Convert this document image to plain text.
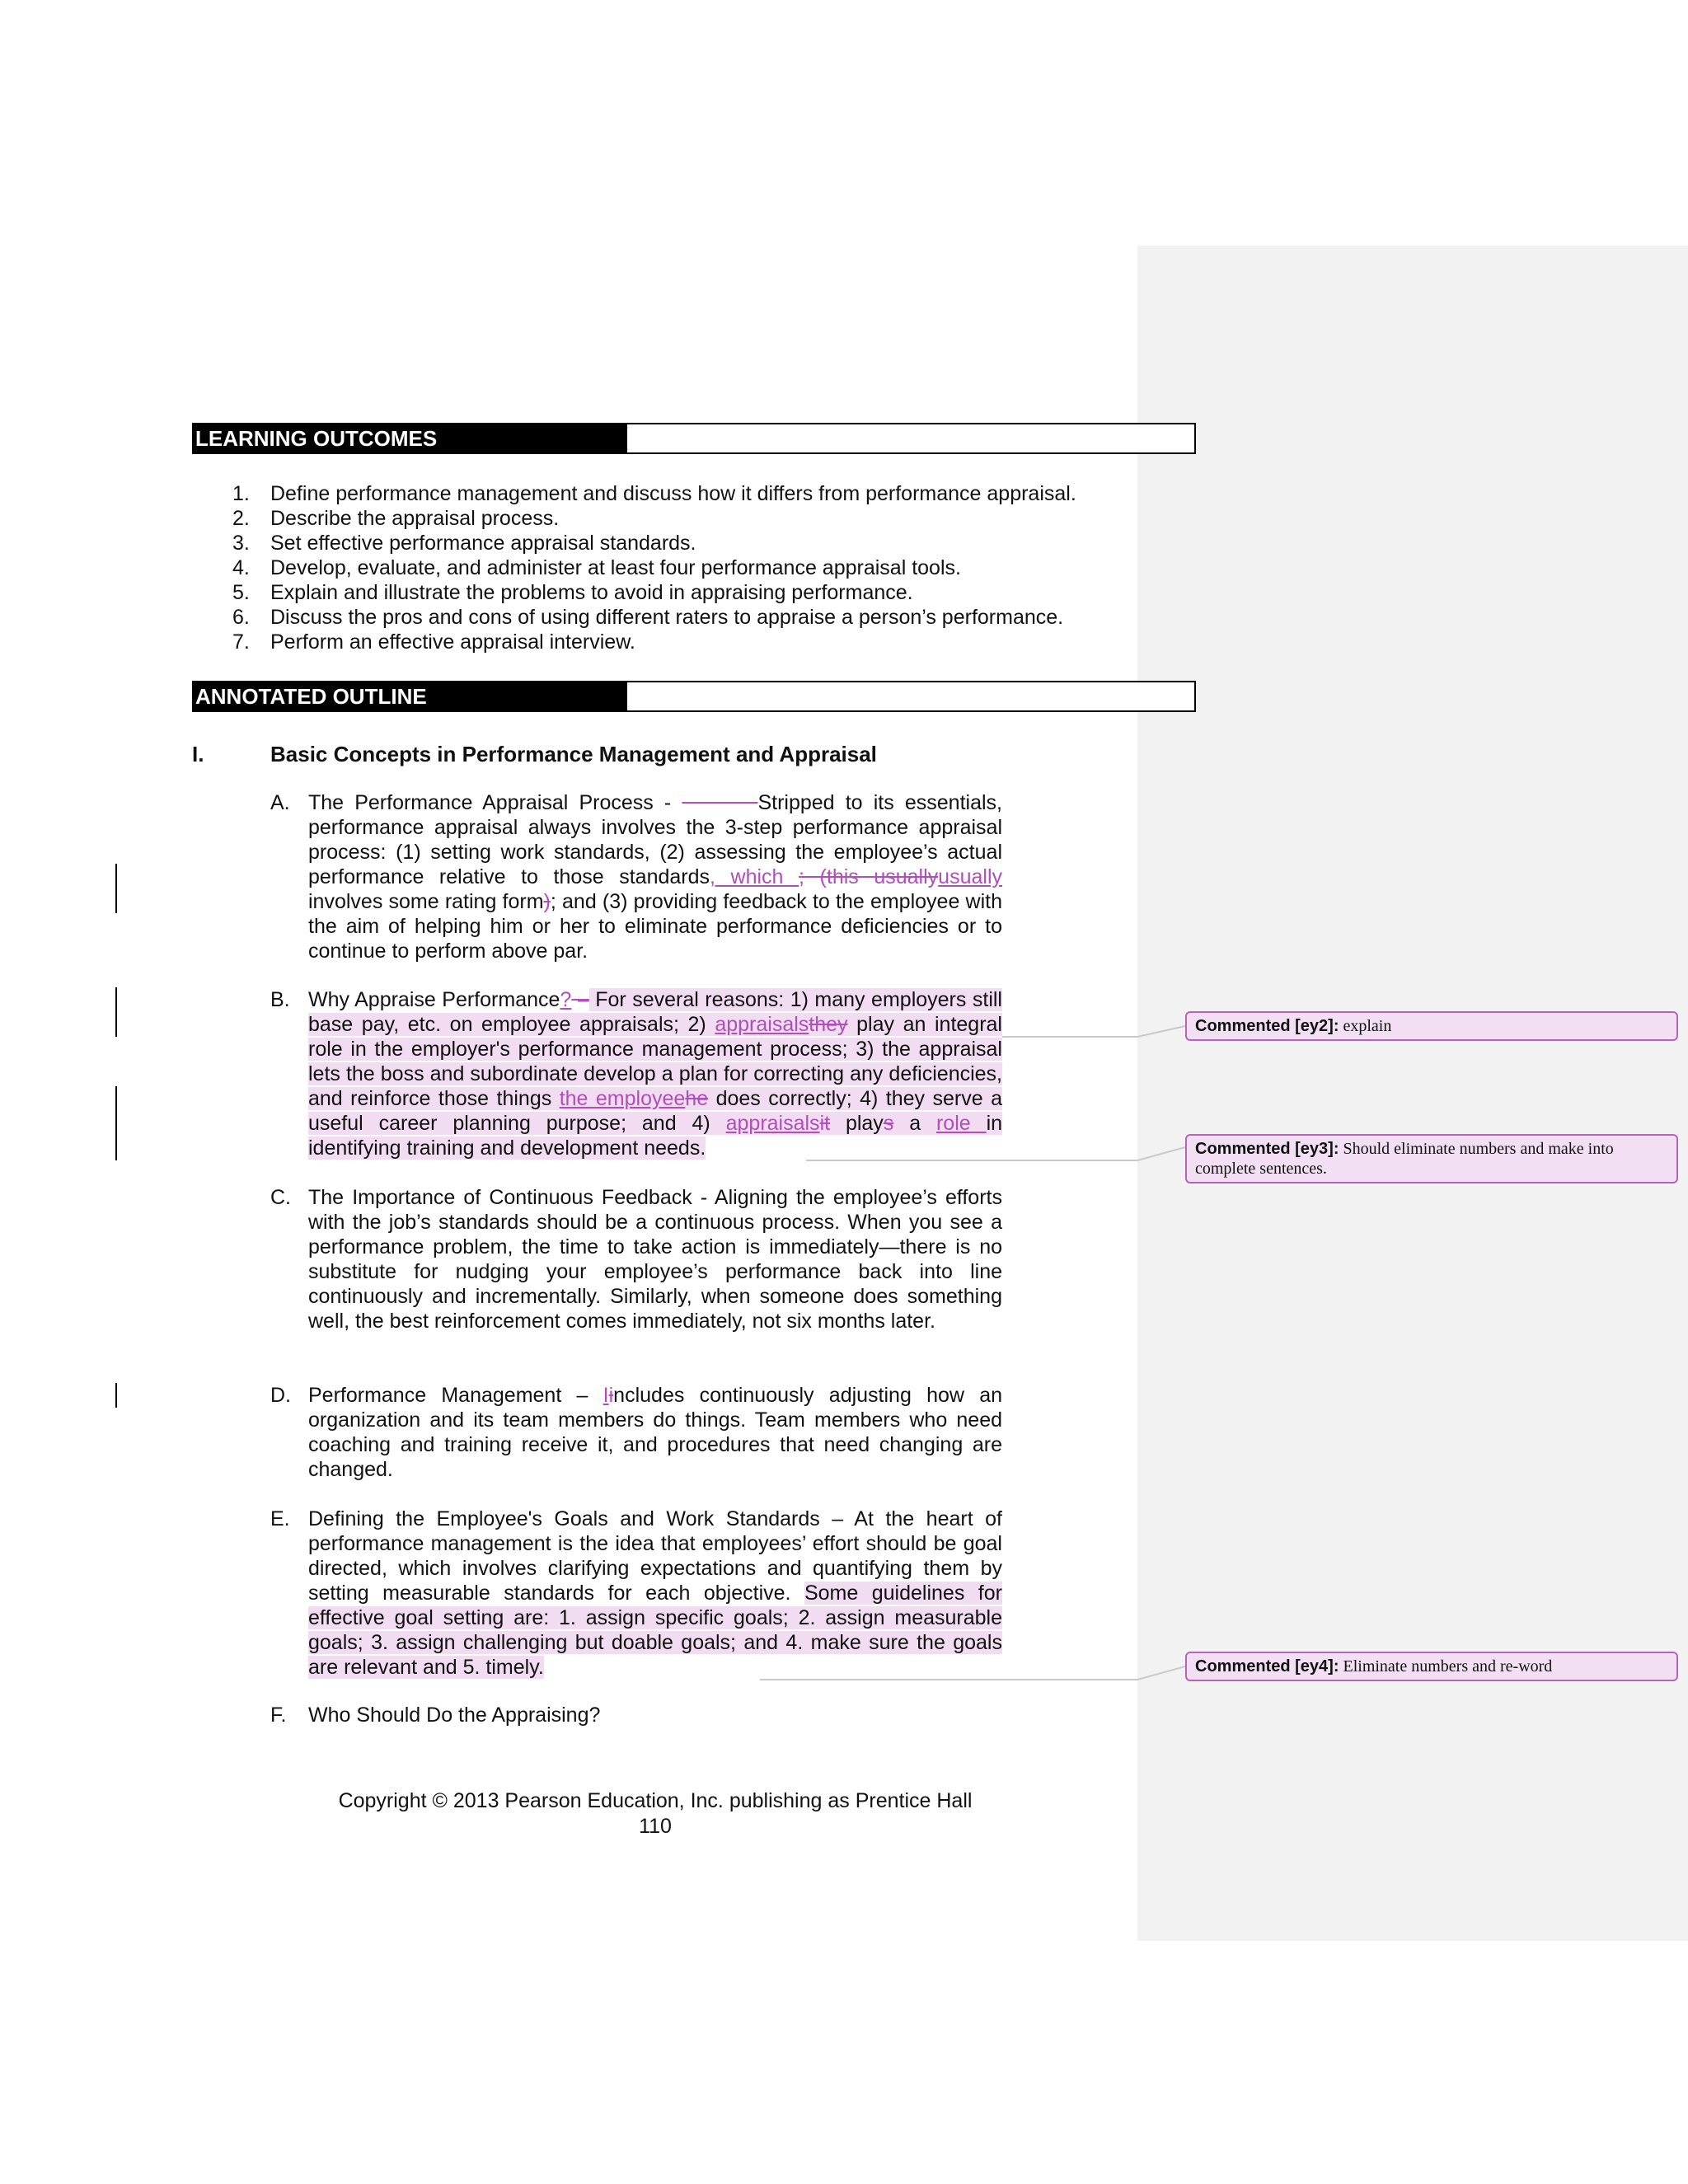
LEARNING OUTCOMES
1. Define performance management and discuss how it differs from performance appraisal.
2. Describe the appraisal process.
3. Set effective performance appraisal standards.
4. Develop, evaluate, and administer at least four performance appraisal tools.
5. Explain and illustrate the problems to avoid in appraising performance.
6. Discuss the pros and cons of using different raters to appraise a person’s performance.
7. Perform an effective appraisal interview.
ANNOTATED OUTLINE
I.	Basic Concepts in Performance Management and Appraisal
A. The Performance Appraisal Process -	Stripped to its essentials, performance appraisal always involves the 3-step performance appraisal process: (1) setting work standards, (2) assessing the employee’s actual performance relative to those standards, which ; (this usuallyusually involves some rating form); and (3) providing feedback to the employee with the aim of helping him or her to eliminate performance deficiencies or to continue to perform above par.
B. Why Appraise Performance? – For several reasons: 1) many employers still base pay, etc. on employee appraisals; 2) appraisalsthey play an integral role in the employer's performance management process; 3) the appraisal lets the boss and subordinate develop a plan for correcting any deficiencies, and reinforce those things the employeehe does correctly; 4) they serve a useful career planning purpose; and 4) appraisalsit plays a role in identifying training and development needs.
C. The Importance of Continuous Feedback - Aligning the employee’s efforts with the job’s standards should be a continuous process. When you see a performance problem, the time to take action is immediately—there is no substitute for nudging your employee’s performance back into line continuously and incrementally. Similarly, when someone does something well, the best reinforcement comes immediately, not six months later.
D. Performance Management – Iincludes continuously adjusting how an organization and its team members do things. Team members who need coaching and training receive it, and procedures that need changing are changed.
E. Defining the Employee's Goals and Work Standards – At the heart of performance management is the idea that employees’ effort should be goal directed, which involves clarifying expectations and quantifying them by setting measurable standards for each objective. Some guidelines for effective goal setting are: 1. assign specific goals; 2. assign measurable goals; 3. assign challenging but doable goals; and 4. make sure the goals are relevant and 5. timely.
F. Who Should Do the Appraising?
Commented [ey2]: explain
Commented [ey3]: Should eliminate numbers and make into complete sentences.
Commented [ey4]: Eliminate numbers and re-word
Copyright © 2013 Pearson Education, Inc. publishing as Prentice Hall
110
